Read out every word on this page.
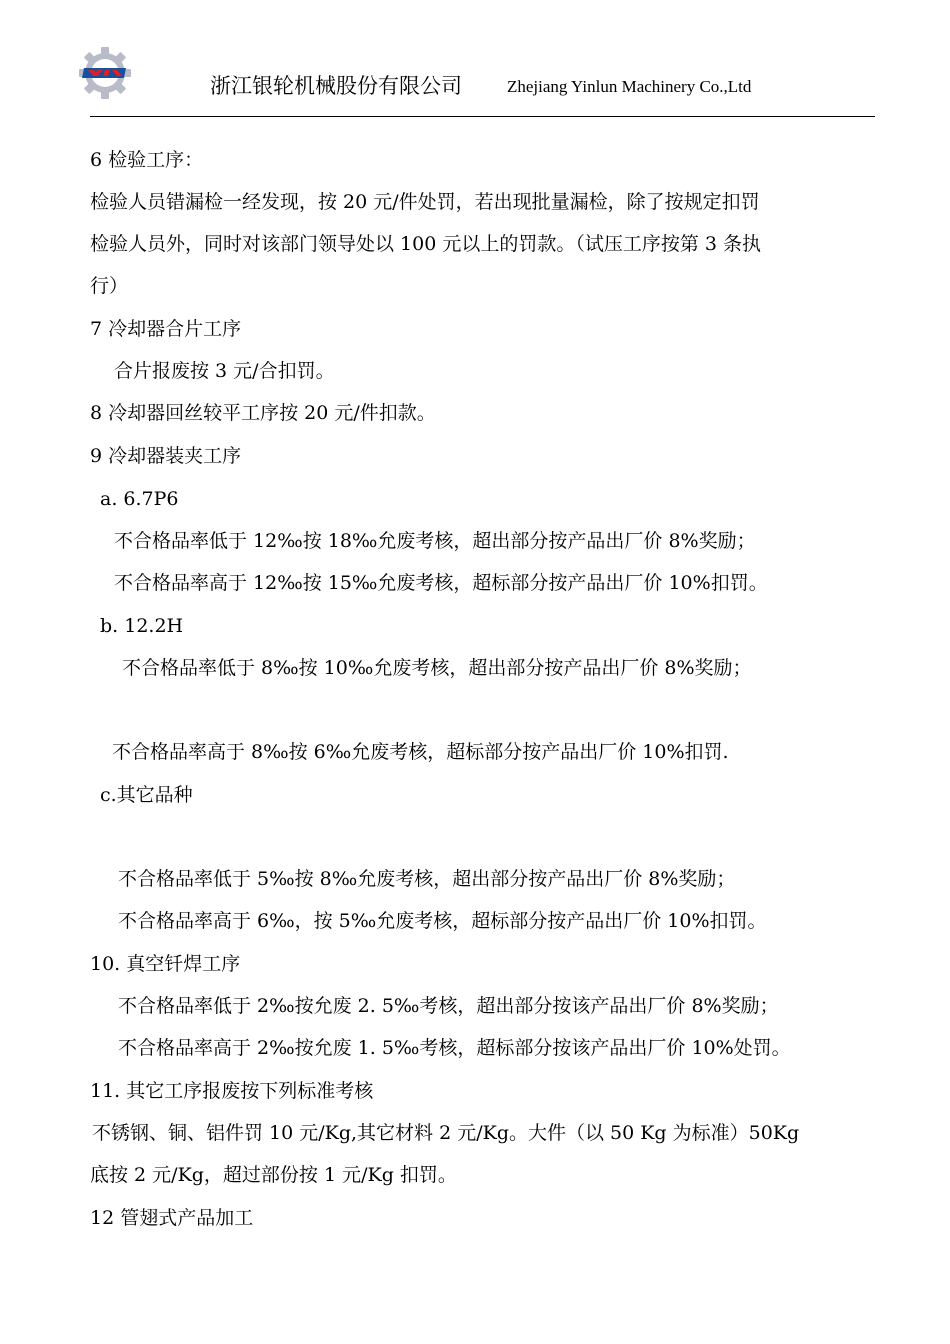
浙江银轮机械股份有限公司	Zhejiang Yinlun Machinery Co.,Ltd
6 检验工序：
检验人员错漏检一经发现，按 20 元/件处罚，若出现批量漏检，除了按规定扣罚
检验人员外，同时对该部门领导处以 100 元以上的罚款。（试压工序按第 3 条执
行）
7 冷却器合片工序
合片报废按 3 元/合扣罚。
8 冷却器回丝较平工序按 20 元/件扣款。
9 冷却器装夹工序
a. 6.7P6
不合格品率低于 12‰按 18‰允废考核，超出部分按产品出厂价 8%奖励；
不合格品率高于 12‰按 15‰允废考核，超标部分按产品出厂价 10%扣罚。
b. 12.2H
不合格品率低于 8‰按 10‰允废考核，超出部分按产品出厂价 8%奖励；
不合格品率高于 8‰按 6‰允废考核，超标部分按产品出厂价 10%扣罚.
c.其它品种
不合格品率低于 5‰按 8‰允废考核，超出部分按产品出厂价 8%奖励；
不合格品率高于 6‰，按 5‰允废考核，超标部分按产品出厂价 10%扣罚。
10. 真空钎焊工序
不合格品率低于 2‰按允废 2. 5‰考核，超出部分按该产品出厂价 8%奖励；
不合格品率高于 2‰按允废 1. 5‰考核，超标部分按该产品出厂价 10%处罚。
11. 其它工序报废按下列标准考核
不锈钢、铜、铝件罚 10 元/Kg,其它材料 2 元/Kg。大件（以 50 Kg 为标准）50Kg
底按 2 元/Kg，超过部份按 1 元/Kg 扣罚。
12 管翅式产品加工
